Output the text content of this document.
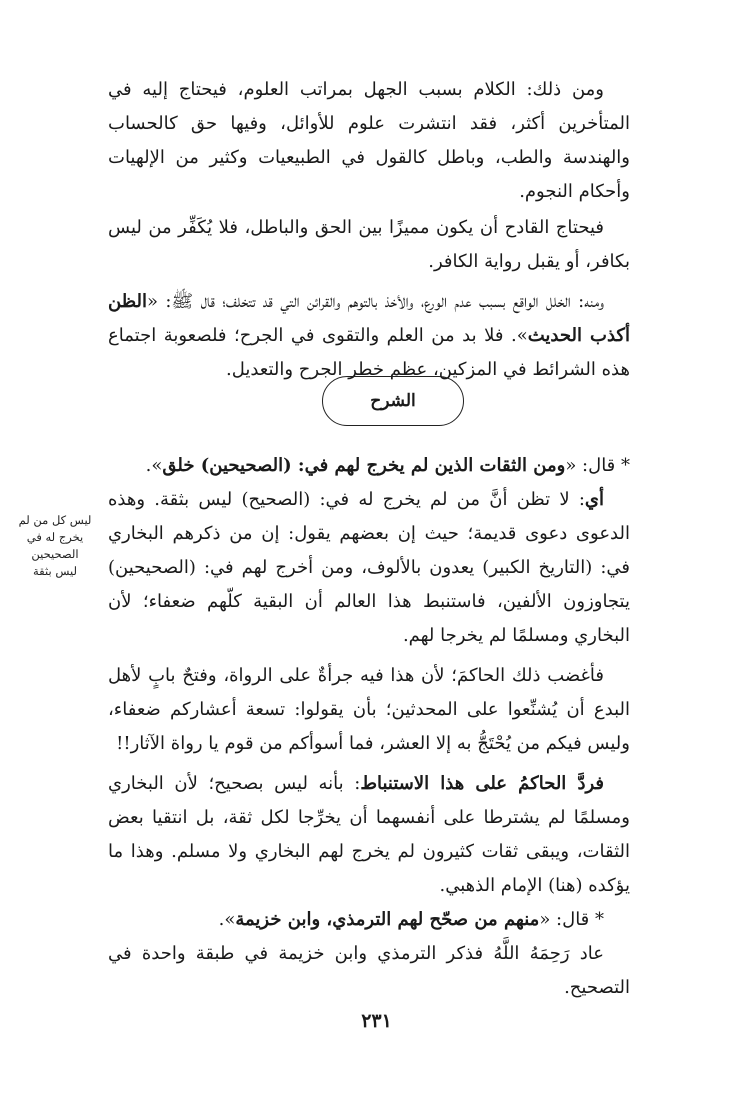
ومن ذلك: الكلام بسبب الجهل بمراتب العلوم، فيحتاج إليه في المتأخرين أكثر، فقد انتشرت علوم للأوائل، وفيها حق كالحساب والهندسة والطب، وباطل كالقول في الطبيعيات وكثير من الإلهيات وأحكام النجوم.

فيحتاج القادح أن يكون مميزًا بين الحق والباطل، فلا يُكَفِّر من ليس بكافر، أو يقبل رواية الكافر.

ومنه: الخلل الواقع بسبب عدم الورع، والأخذ بالتوهم والقرائن التي قد تتخلف؛ قال ﷺ: «الظن أكذب الحديث». فلا بد من العلم والتقوى في الجرح؛ فلصعوبة اجتماع هذه الشرائط في المزكين، عظم خطر الجرح والتعديل.

الشرح
ليس كل من لم
يخرج له في
الصحيحين
ليس بثقة

* قال: «ومن الثقات الذين لم يخرج لهم في: (الصحيحين) خلق».

أي: لا تظن أنَّ من لم يخرج له في: (الصحيح) ليس بثقة. وهذه الدعوى دعوى قديمة؛ حيث إن بعضهم يقول: إن من ذكرهم البخاري في: (التاريخ الكبير) يعدون بالألوف، ومن أخرج لهم في: (الصحيحين) يتجاوزون الألفين، فاستنبط هذا العالم أن البقية كلّهم ضعفاء؛ لأن البخاري ومسلمًا لم يخرجا لهم.

فأغضب ذلك الحاكمَ؛ لأن هذا فيه جرأةٌ على الرواة، وفتحٌ بابٍ لأهل البدع أن يُشنِّعوا على المحدثين؛ بأن يقولوا: تسعة أعشاركم ضعفاء، وليس فيكم من يُحْتَجُّ به إلا العشر، فما أسوأكم من قوم يا رواة الآثار!!

فردَّ الحاكمُ على هذا الاستنباط: بأنه ليس بصحيح؛ لأن البخاري ومسلمًا لم يشترطا على أنفسهما أن يخرِّجا لكل ثقة، بل انتقيا بعض الثقات، ويبقى ثقات كثيرون لم يخرج لهم البخاري ولا مسلم. وهذا ما يؤكده (هنا) الإمام الذهبي.

* قال: «منهم من صحّح لهم الترمذي، وابن خزيمة».

عاد رَحِمَهُ اللَّهُ فذكر الترمذي وابن خزيمة في طبقة واحدة في التصحيح.

٢٣١
